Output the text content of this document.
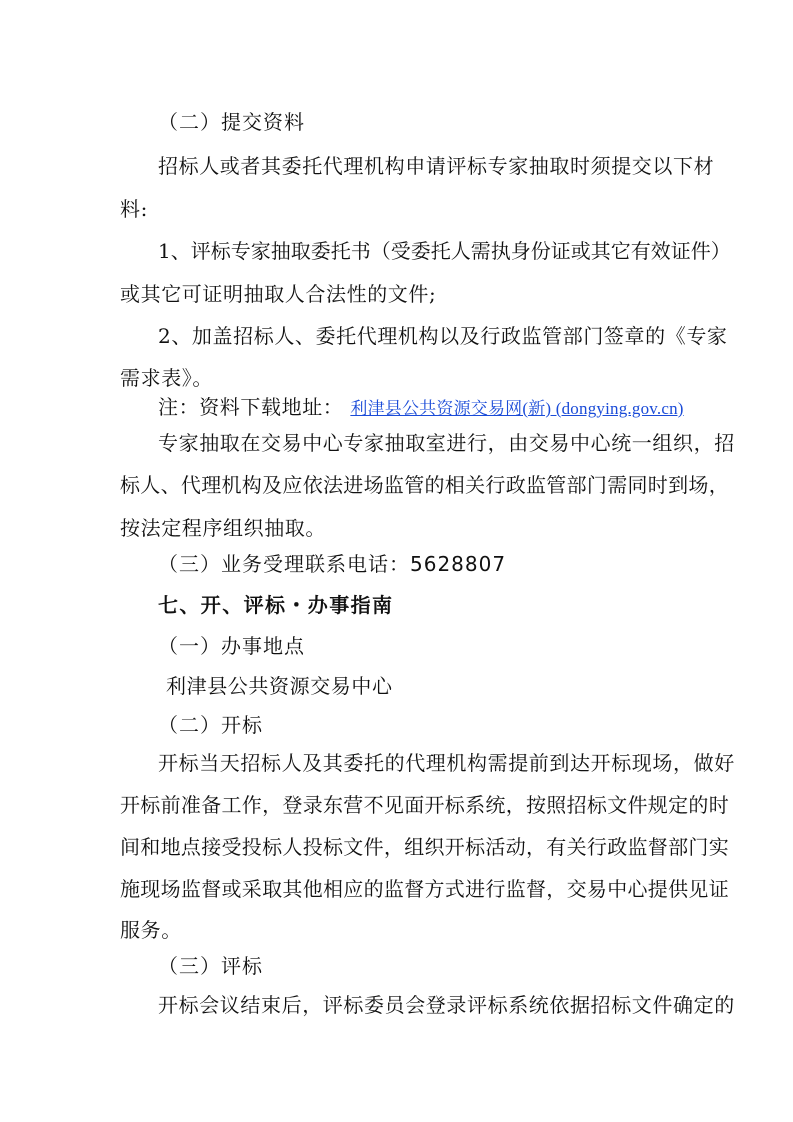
（二）提交资料
招标人或者其委托代理机构申请评标专家抽取时须提交以下材
料:
1、评标专家抽取委托书（受委托人需执身份证或其它有效证件）
或其它可证明抽取人合法性的文件;
2、加盖招标人、委托代理机构以及行政监管部门签章的《专家
需求表》。
注：资料下载地址： 利津县公共资源交易网(新) (dongying.gov.cn)
专家抽取在交易中心专家抽取室进行，由交易中心统一组织，招
标人、代理机构及应依法进场监管的相关行政监管部门需同时到场，
按法定程序组织抽取。
（三）业务受理联系电话：5628807
七、开、评标・办事指南
（一）办事地点
利津县公共资源交易中心
（二）开标
开标当天招标人及其委托的代理机构需提前到达开标现场，做好
开标前准备工作，登录东营不见面开标系统，按照招标文件规定的时
间和地点接受投标人投标文件，组织开标活动，有关行政监督部门实
施现场监督或采取其他相应的监督方式进行监督，交易中心提供见证
服务。
（三）评标
开标会议结束后，评标委员会登录评标系统依据招标文件确定的
